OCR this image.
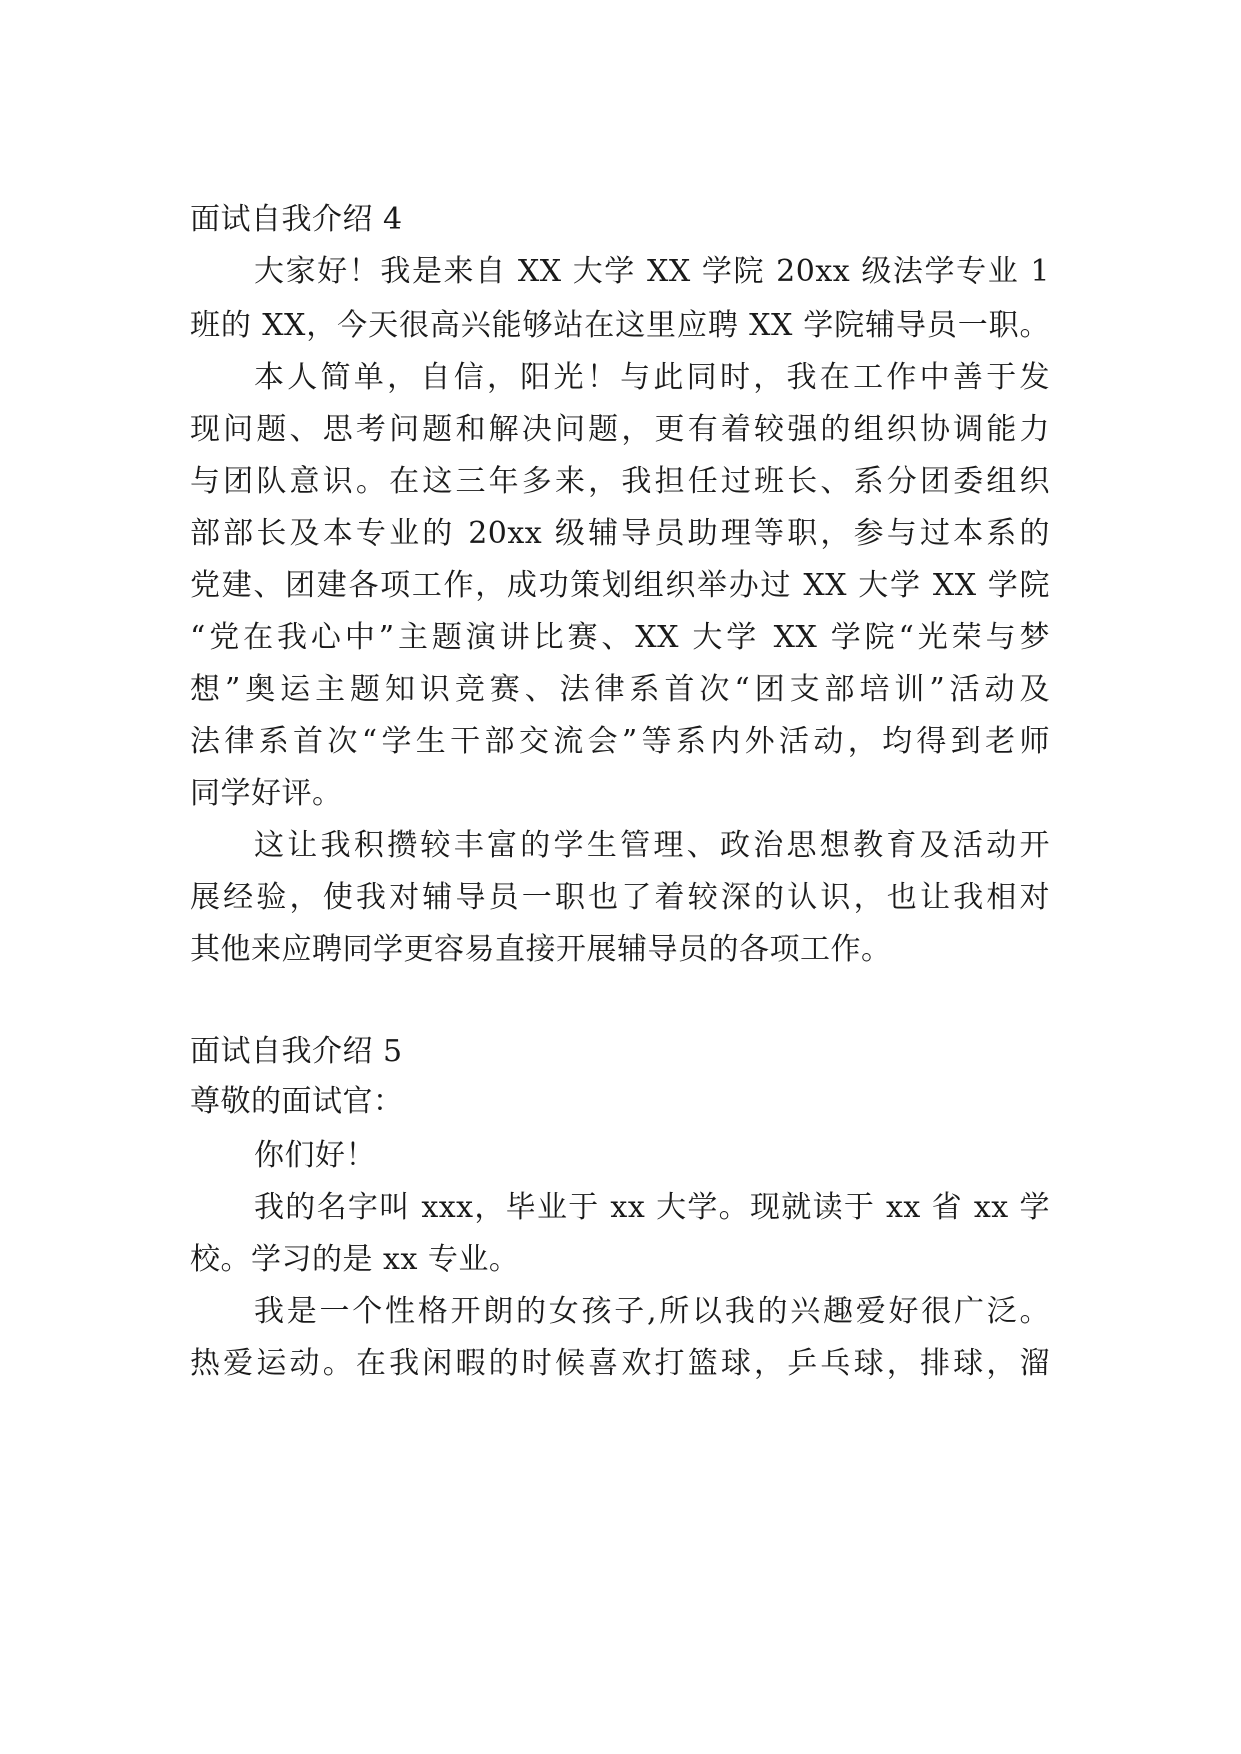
面试自我介绍 4
大家好！我是来自 XX 大学 XX 学院 20xx 级法学专业 1
班的 XX，今天很高兴能够站在这里应聘 XX 学院辅导员一职。
本人简单，自信，阳光！与此同时，我在工作中善于发
现问题、思考问题和解决问题，更有着较强的组织协调能力
与团队意识。在这三年多来，我担任过班长、系分团委组织
部部长及本专业的 20xx 级辅导员助理等职，参与过本系的
党建、团建各项工作，成功策划组织举办过 XX 大学 XX 学院
“党在我心中”主题演讲比赛、XX 大学 XX 学院“光荣与梦
想”奥运主题知识竞赛、法律系首次“团支部培训”活动及
法律系首次“学生干部交流会”等系内外活动，均得到老师
同学好评。
这让我积攒较丰富的学生管理、政治思想教育及活动开
展经验，使我对辅导员一职也了着较深的认识，也让我相对
其他来应聘同学更容易直接开展辅导员的各项工作。
面试自我介绍 5
尊敬的面试官：
你们好！
我的名字叫 xxx，毕业于 xx 大学。现就读于 xx 省 xx 学
校。学习的是 xx 专业。
我是一个性格开朗的女孩子,所以我的兴趣爱好很广泛。
热爱运动。在我闲暇的时候喜欢打篮球，乒乓球，排球，溜
